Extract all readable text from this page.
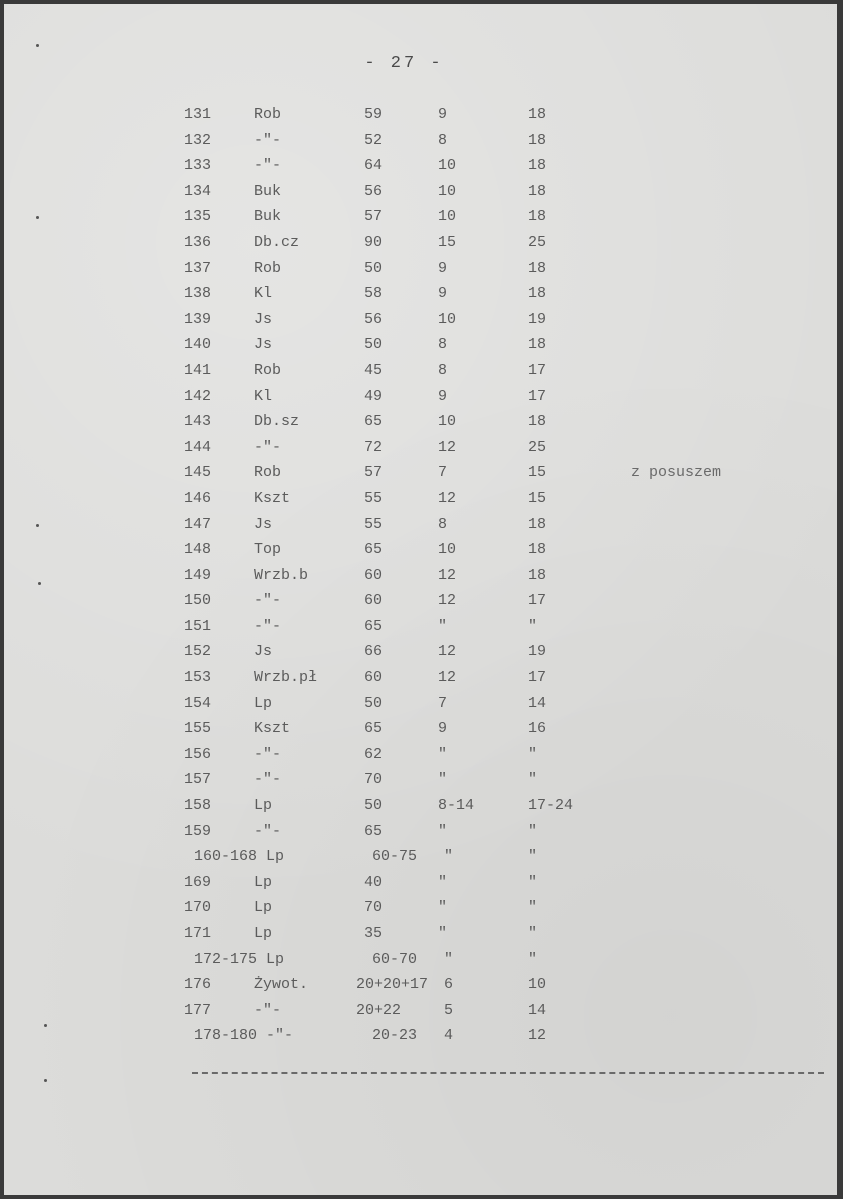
- 27 -
131	Rob	59	9	18
132	-"-	52	8	18
133	-"-	64	10	18
134	Buk	56	10	18
135	Buk	57	10	18
136	Db.cz	90	15	25
137	Rob	50	9	18
138	Kl	58	9	18
139	Js	56	10	19
140	Js	50	8	18
141	Rob	45	8	17
142	Kl	49	9	17
143	Db.sz	65	10	18
144	-"-	72	12	25
145	Rob	57	7	15	z posuszem
146	Kszt	55	12	15
147	Js	55	8	18
148	Top	65	10	18
149	Wrzb.b	60	12	18
150	-"-	60	12	17
151	-"-	65	"	"
152	Js	66	12	19
153	Wrzb.pł	60	12	17
154	Lp	50	7	14
155	Kszt	65	9	16
156	-"-	62	"	"
157	-"-	70	"	"
158	Lp	50	8-14	17-24
159	-"-	65	"	"
160-168 Lp	60-75 "	"
169	Lp	40	"	"
170	Lp	70	"	"
171	Lp	35	"	"
172-175 Lp	60-70 "	"
176	Żywot.	20+20+17 6	10
177	-"-	20+22	5	14
178-180 -"-	20-23 4	12
